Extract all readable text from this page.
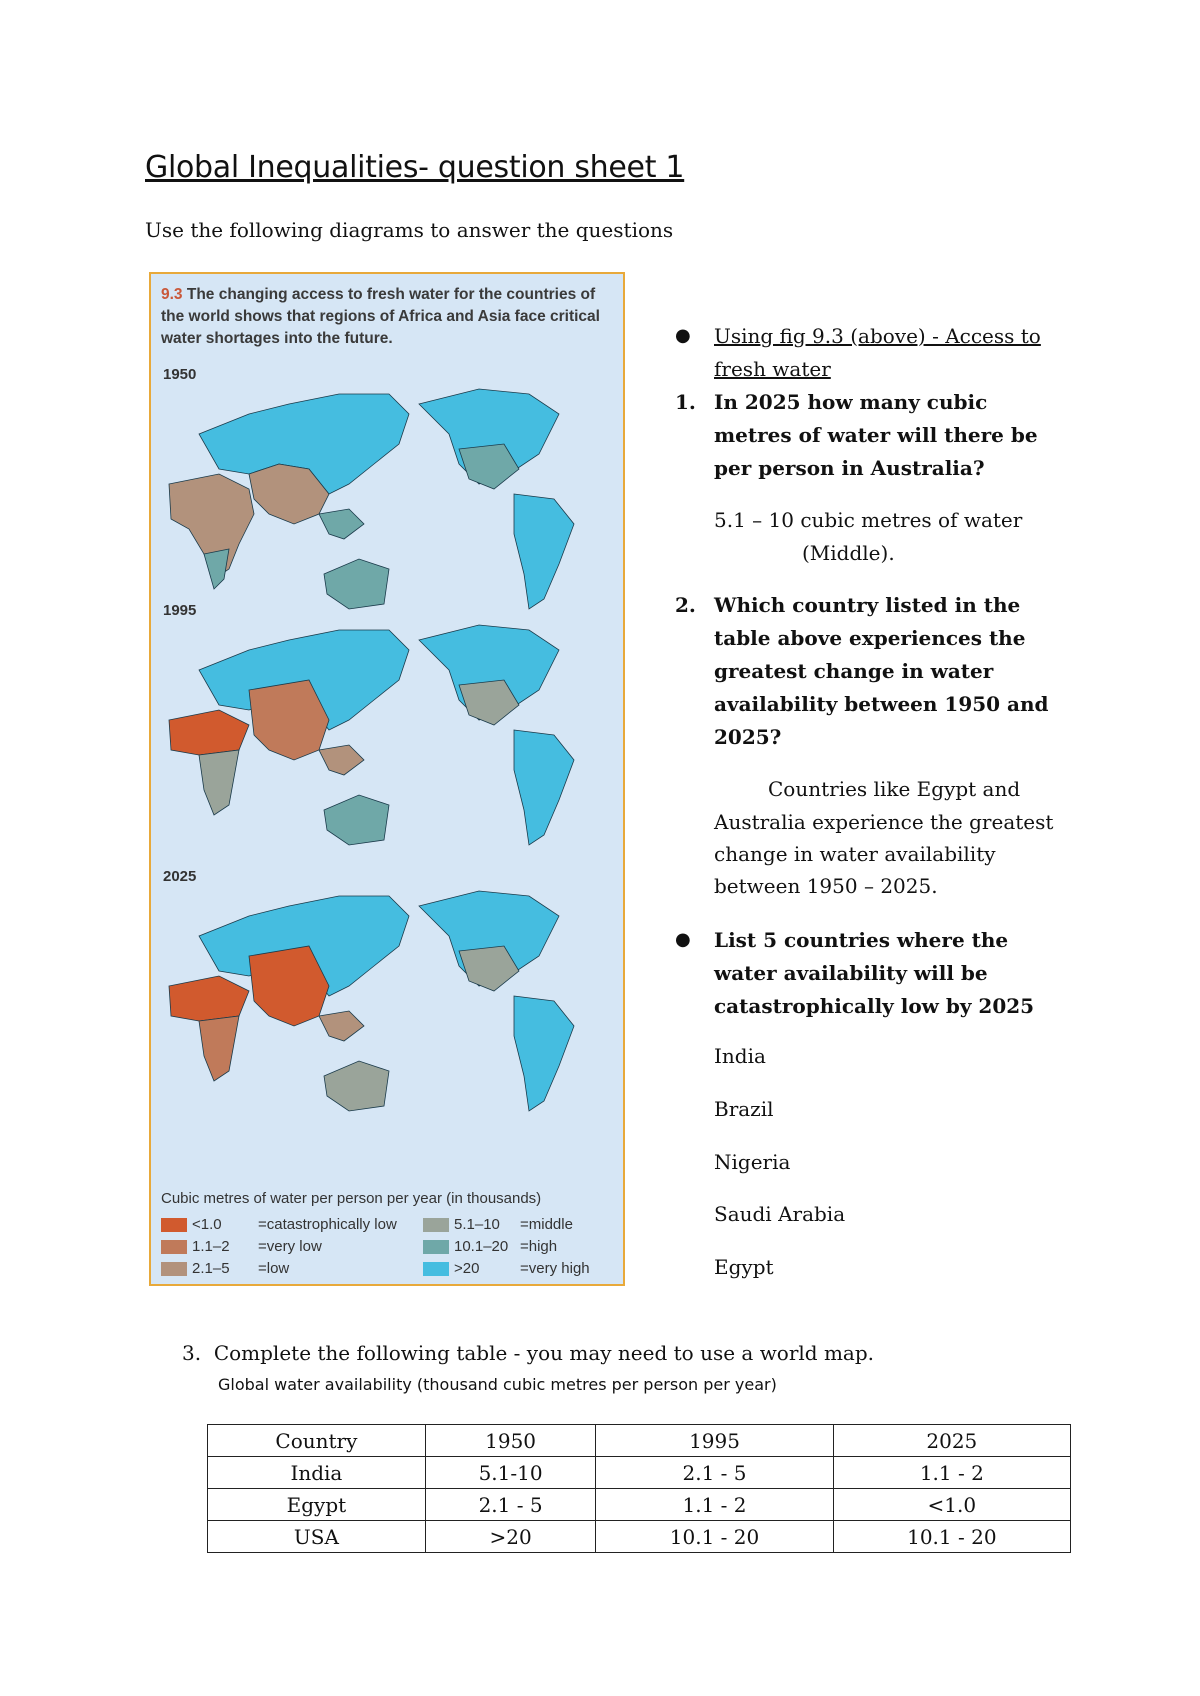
Global Inequalities- question sheet 1
Use the following diagrams to answer the questions
9.3 The changing access to fresh water for the countries of the world shows that regions of Africa and Asia face critical water shortages into the future.
1950
1995
2025
Cubic metres of water per person per year (in thousands)
<1.0	=catastrophically low
1.1–2	=very low
2.1–5	=low
5.1–10	=middle
10.1–20 =high
>20	=very high
● Using fig 9.3 (above) - Access to fresh water
1. In 2025 how many cubic metres of water will there be per person in Australia?
5.1 – 10 cubic metres of water
(Middle).
2. Which country listed in the table above experiences the greatest change in water availability between 1950 and 2025?
Countries like Egypt and
Australia experience the greatest
change in water availability
between 1950 – 2025.
● List 5 countries where the water availability will be catastrophically low by 2025
India
Brazil
Nigeria
Saudi Arabia
Egypt
3. Complete the following table - you may need to use a world map.
Global water availability (thousand cubic metres per person per year)
Country	1950	1995	2025
India	5.1-10	2.1 - 5	1.1 - 2
Egypt	2.1 - 5	1.1 - 2	<1.0
USA	>20	10.1 - 20	10.1 - 20
